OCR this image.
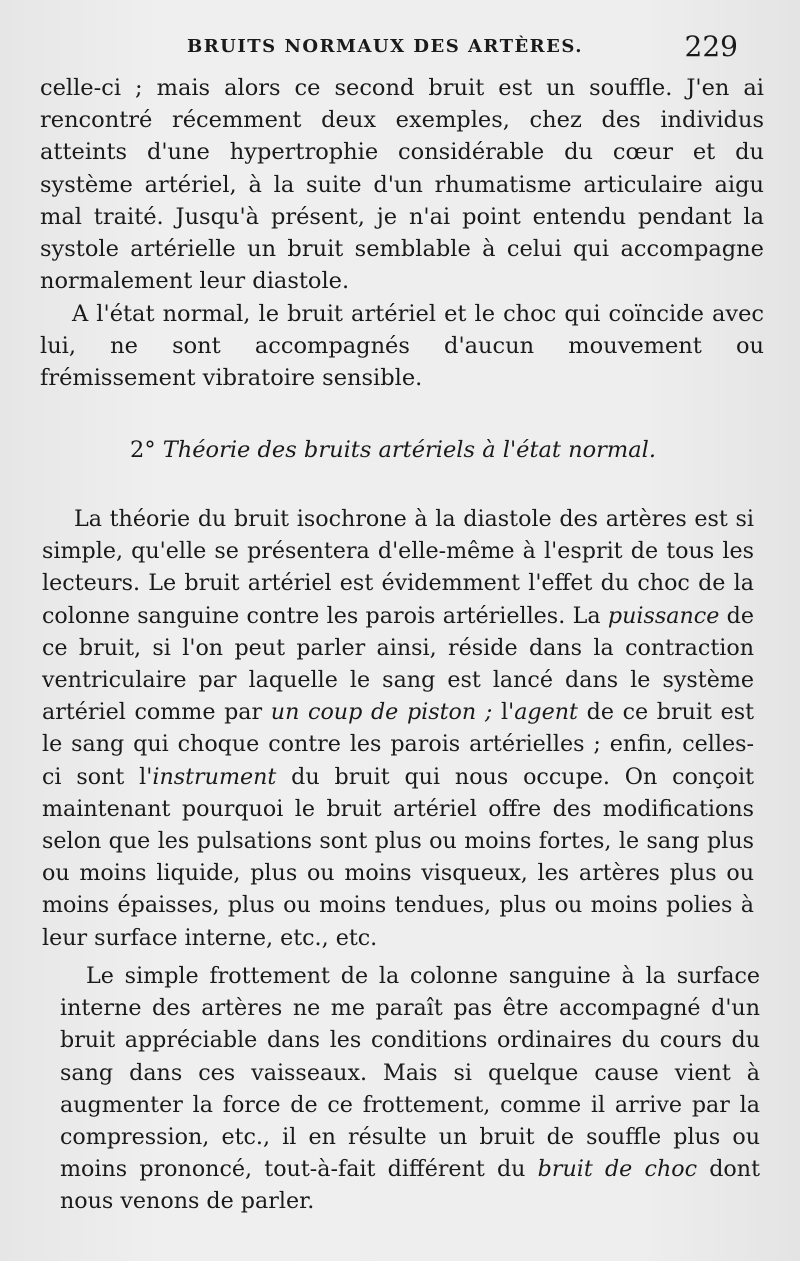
BRUITS NORMAUX DES ARTÈRES.	229

celle-ci ; mais alors ce second bruit est un souffle. J'en ai rencontré récemment deux exemples, chez des individus atteints d'une hypertrophie considérable du cœur et du système artériel, à la suite d'un rhumatisme articulaire aigu mal traité. Jusqu'à présent, je n'ai point entendu pendant la systole artérielle un bruit semblable à celui qui accompagne normalement leur diastole.

A l'état normal, le bruit artériel et le choc qui coïncide avec lui, ne sont accompagnés d'aucun mouvement ou frémissement vibratoire sensible.

2° Théorie des bruits artériels à l'état normal.

La théorie du bruit isochrone à la diastole des artères est si simple, qu'elle se présentera d'elle-même à l'esprit de tous les lecteurs. Le bruit artériel est évidemment l'effet du choc de la colonne sanguine contre les parois artérielles. La puissance de ce bruit, si l'on peut parler ainsi, réside dans la contraction ventriculaire par laquelle le sang est lancé dans le système artériel comme par un coup de piston ; l'agent de ce bruit est le sang qui choque contre les parois artérielles ; enfin, celles-ci sont l'instrument du bruit qui nous occupe. On conçoit maintenant pourquoi le bruit artériel offre des modifications selon que les pulsations sont plus ou moins fortes, le sang plus ou moins liquide, plus ou moins visqueux, les artères plus ou moins épaisses, plus ou moins tendues, plus ou moins polies à leur surface interne, etc., etc.

Le simple frottement de la colonne sanguine à la surface interne des artères ne me paraît pas être accompagné d'un bruit appréciable dans les conditions ordinaires du cours du sang dans ces vaisseaux. Mais si quelque cause vient à augmenter la force de ce frottement, comme il arrive par la compression, etc., il en résulte un bruit de souffle plus ou moins prononcé, tout-à-fait différent du bruit de choc dont nous venons de parler.
